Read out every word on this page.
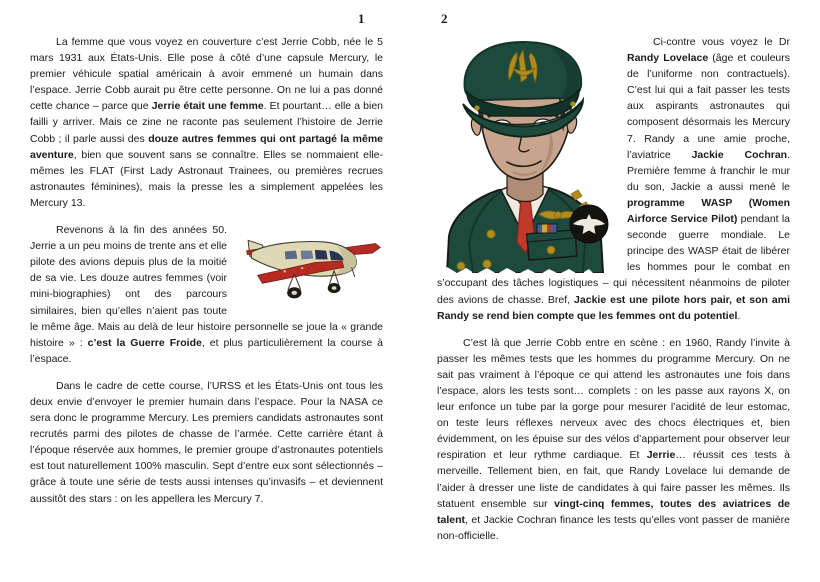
1

La femme que vous voyez en couverture c’est Jerrie Cobb, née le 5 mars 1931 aux États-Unis. Elle pose à côté d’une capsule Mercury, le premier véhicule spatial américain à avoir emmené un humain dans l’espace. Jerrie Cobb aurait pu être cette personne. On ne lui a pas donné cette chance – parce que Jerrie était une femme. Et pourtant… elle a bien failli y arriver. Mais ce zine ne raconte pas seulement l’histoire de Jerrie Cobb ; il parle aussi des douze autres femmes qui ont partagé la même aventure, bien que souvent sans se connaître. Elles se nommaient elle-mêmes les FLAT (First Lady Astronaut Trainees, ou premières recrues astronautes féminines), mais la presse les a simplement appelées les Mercury 13.

Revenons à la fin des années 50. Jerrie a un peu moins de trente ans et elle pilote des avions depuis plus de la moitié de sa vie. Les douze autres femmes (voir mini-biographies) ont des parcours similaires, bien qu’elles n’aient pas toute le même âge. Mais au delà de leur histoire personnelle se joue la « grande histoire » : c’est la Guerre Froide, et plus particulièrement la course à l’espace.

Dans le cadre de cette course, l’URSS et les États-Unis ont tous les deux envie d’envoyer le premier humain dans l’espace. Pour la NASA ce sera donc le programme Mercury. Les premiers candidats astronautes sont recrutés parmi des pilotes de chasse de l’armée. Cette carrière étant à l’époque réservée aux hommes, le premier groupe d’astronautes potentiels est tout naturellement 100% masculin. Sept d’entre eux sont sélectionnés – grâce à toute une série de tests aussi intenses qu’invasifs – et deviennent aussitôt des stars : on les appellera les Mercury 7.

2

Ci-contre vous voyez le Dr Randy Lovelace (âge et couleurs de l’uniforme non contractuels). C’est lui qui a fait passer les tests aux aspirants astronautes qui composent désormais les Mercury 7. Randy a une amie proche, l’aviatrice Jackie Cochran. Première femme à franchir le mur du son, Jackie a aussi mené le programme WASP (Women Airforce Service Pilot) pendant la seconde guerre mondiale. Le principe des WASP était de libérer les hommes pour le combat en s’occupant des tâches logistiques – qui nécessitent néanmoins de piloter des avions de chasse. Bref, Jackie est une pilote hors pair, et son ami Randy se rend bien compte que les femmes ont du potentiel.

C’est là que Jerrie Cobb entre en scène : en 1960, Randy l’invite à passer les mêmes tests que les hommes du programme Mercury. On ne sait pas vraiment à l’époque ce qui attend les astronautes une fois dans l’espace, alors les tests sont… complets : on les passe aux rayons X, on leur enfonce un tube par la gorge pour mesurer l’acidité de leur estomac, on teste leurs réflexes nerveux avec des chocs électriques et, bien évidemment, on les épuise sur des vélos d’appartement pour observer leur respiration et leur rythme cardiaque. Et Jerrie… réussit ces tests à merveille. Tellement bien, en fait, que Randy Lovelace lui demande de l’aider à dresser une liste de candidates à qui faire passer les mêmes. Ils statuent ensemble sur vingt-cinq femmes, toutes des aviatrices de talent, et Jackie Cochran finance les tests qu’elles vont passer de manière non-officielle.
